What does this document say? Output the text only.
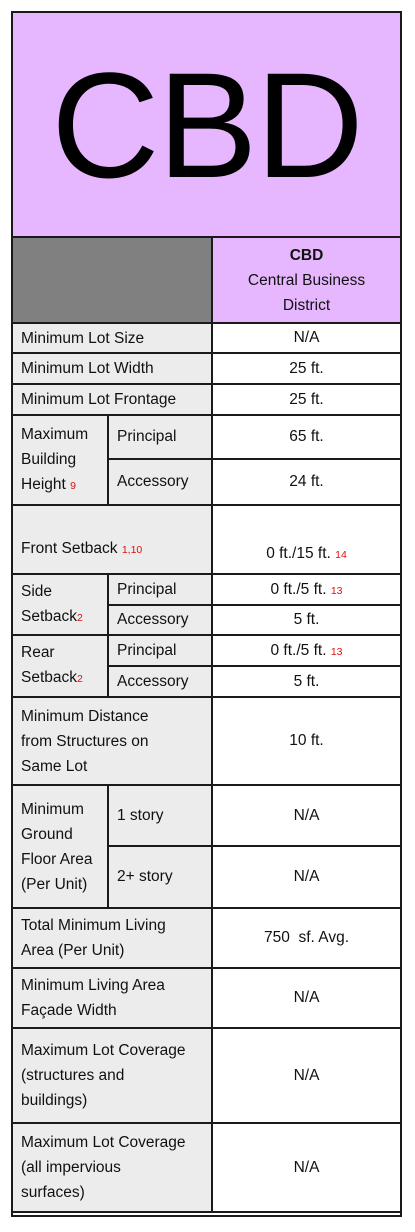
CBD

		CBD
Central Business
District

Minimum Lot Size		N/A
Minimum Lot Width		25 ft.
Minimum Lot Frontage		25 ft.
Maximum
Building
Height 9	Principal	65 ft.
	Accessory	24 ft.
Front Setback 1,10		0 ft./15 ft. 14
Side
Setback2	Principal	0 ft./5 ft. 13
	Accessory	5 ft.
Rear
Setback2	Principal	0 ft./5 ft. 13
	Accessory	5 ft.
Minimum Distance from Structures on Same Lot		10 ft.
Minimum
Ground
Floor Area
(Per Unit)	1 story	N/A
	2+ story	N/A
Total Minimum Living
Area (Per Unit)		750  sf. Avg.
Minimum Living Area
Façade Width		N/A
Maximum Lot Coverage
(structures and
buildings)		N/A
Maximum Lot Coverage
(all impervious
surfaces)		N/A
